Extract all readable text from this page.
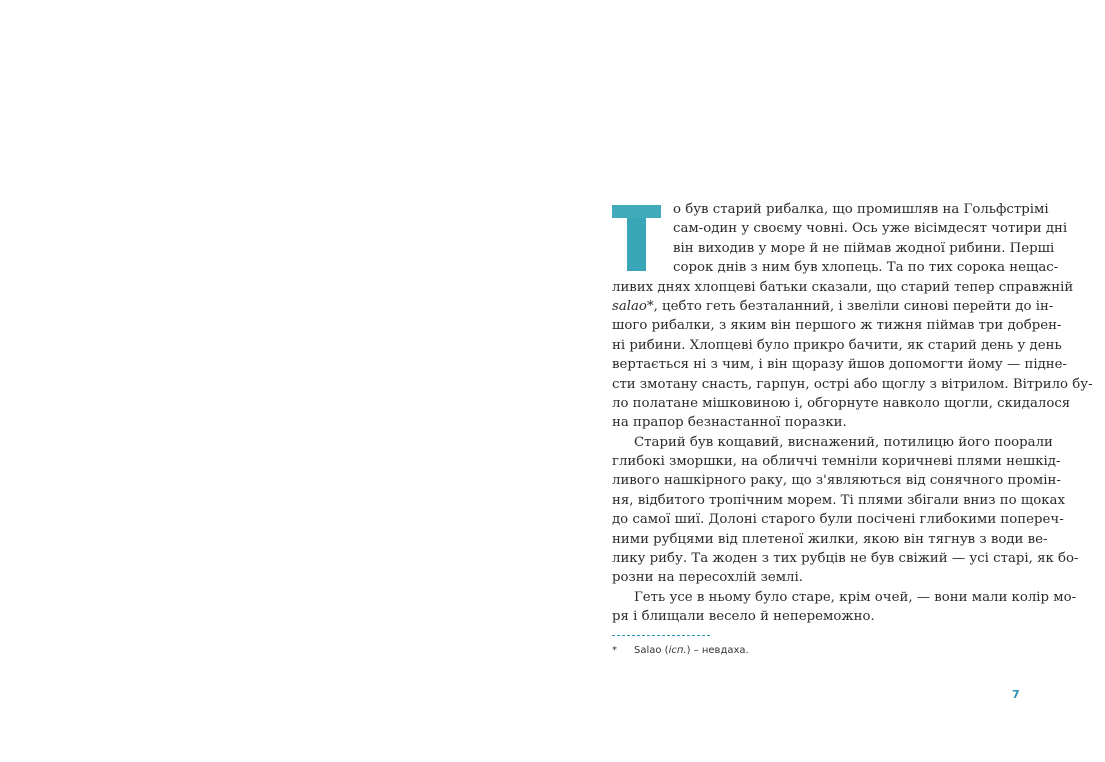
о був старий рибалка, що промишляв на Гольфстрімі
сам-один у своєму човні. Ось уже вісімдесят чотири дні
він виходив у море й не піймав жодної рибини. Перші
сорок днів з ним був хлопець. Та по тих сорока нещас-
ливих днях хлопцеві батьки сказали, що старий тепер справжній
salao*, цебто геть безталанний, і звеліли синові перейти до ін-
шого рибалки, з яким він першого ж тижня піймав три добрен-
ні рибини. Хлопцеві було прикро бачити, як старий день у день
вертається ні з чим, і він щоразу йшов допомогти йому — підне-
сти змотану снасть, гарпун, острі або щоглу з вітрилом. Вітрило бу-
ло полатане мішковиною і, обгорнуте навколо щогли, скидалося
на прапор безнастанної поразки.
Старий був кощавий, виснажений, потилицю його поорали
глибокі зморшки, на обличчі темніли коричневі плями нешкід-
ливого нашкірного раку, що з'являються від сонячного промін-
ня, відбитого тропічним морем. Ті плями збігали вниз по щоках
до самої шиї. Долоні старого були посічені глибокими попереч-
ними рубцями від плетеної жилки, якою він тягнув з води ве-
лику рибу. Та жоден з тих рубців не був свіжий — усі старі, як бо-
розни на пересохлій землі.
Геть усе в ньому було старе, крім очей, — вони мали колір мо-
ря і блищали весело й непереможно.
* Salao (ісп.) – невдаха.
7
